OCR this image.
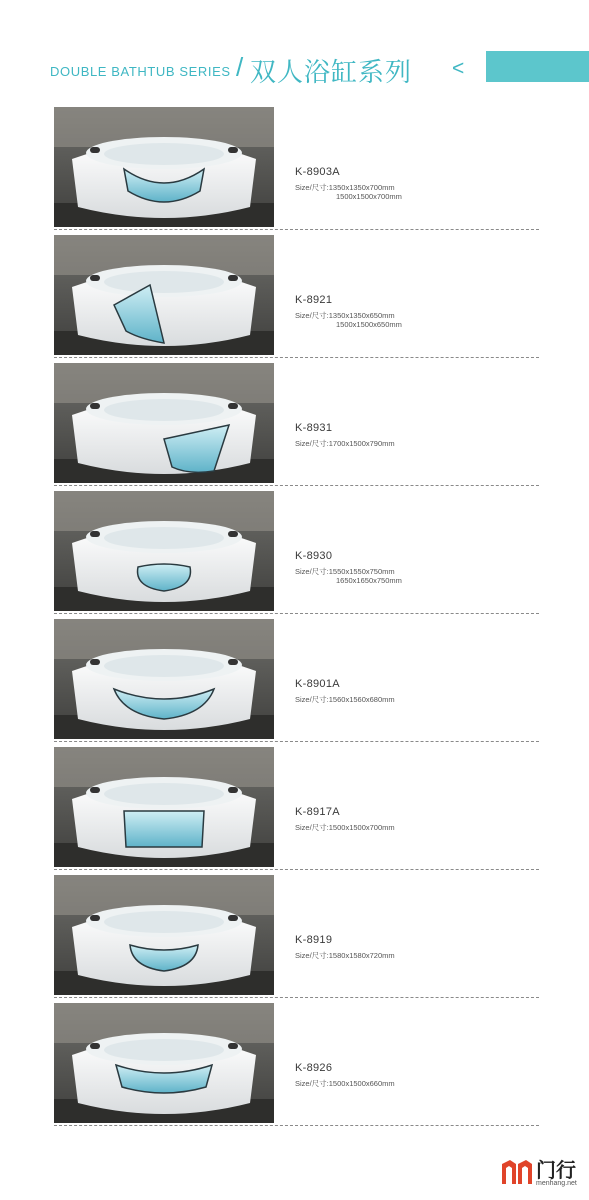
DOUBLE BATHTUB SERIES / 双人浴缸系列 <
K-8903A
Size/尺寸:1350x1350x700mm
1500x1500x700mm
K-8921
Size/尺寸:1350x1350x650mm
1500x1500x650mm
K-8931
Size/尺寸:1700x1500x790mm
K-8930
Size/尺寸:1550x1550x750mm
1650x1650x750mm
K-8901A
Size/尺寸:1560x1560x680mm
K-8917A
Size/尺寸:1500x1500x700mm
K-8919
Size/尺寸:1580x1580x720mm
K-8926
Size/尺寸:1500x1500x660mm
门行
menhang.net
